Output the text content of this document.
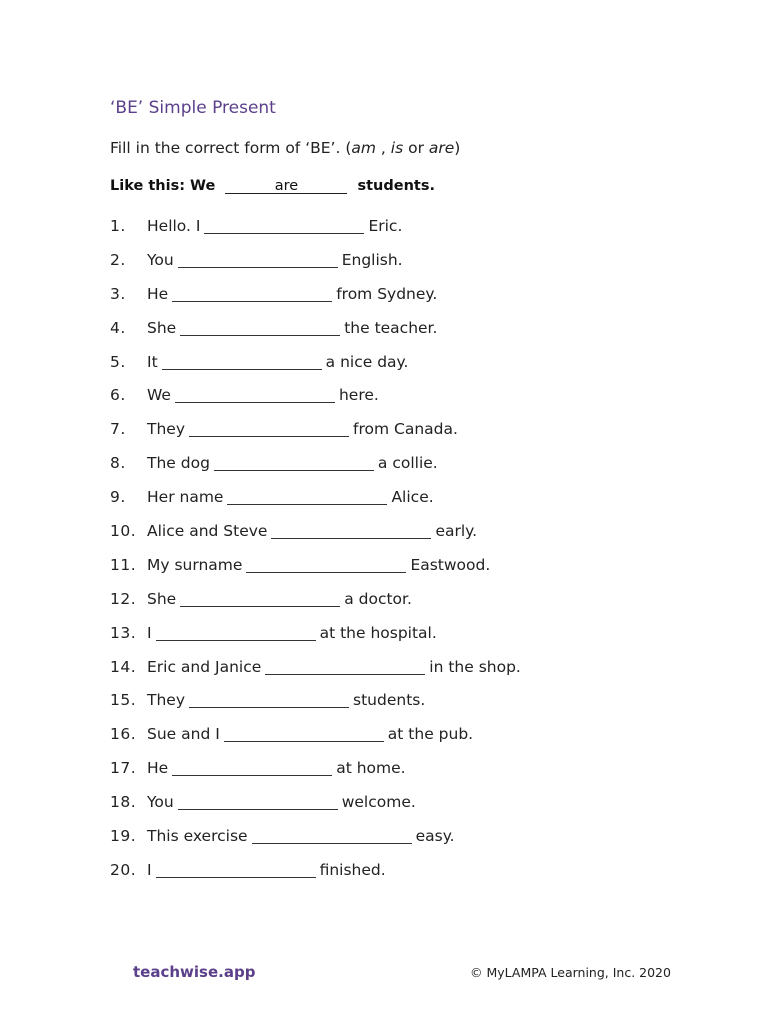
‘BE’ Simple Present
Fill in the correct form of ‘BE’. (am , is or are)
Like this: We	are	students.
1.	Hello. I	Eric.
2.	You	English.
3.	He	from Sydney.
4.	She	the teacher.
5.	It	a nice day.
6.	We	here.
7.	They	from Canada.
8.	The dog	a collie.
9.	Her name	Alice.
10. Alice and Steve	early.
11. My surname	Eastwood.
12. She	a doctor.
13. I	at the hospital.
14. Eric and Janice	in the shop.
15. They	students.
16. Sue and I	at the pub.
17. He	at home.
18. You	welcome.
19. This exercise	easy.
20. I	finished.
teachwise.app	© MyLAMPA Learning, Inc. 2020
